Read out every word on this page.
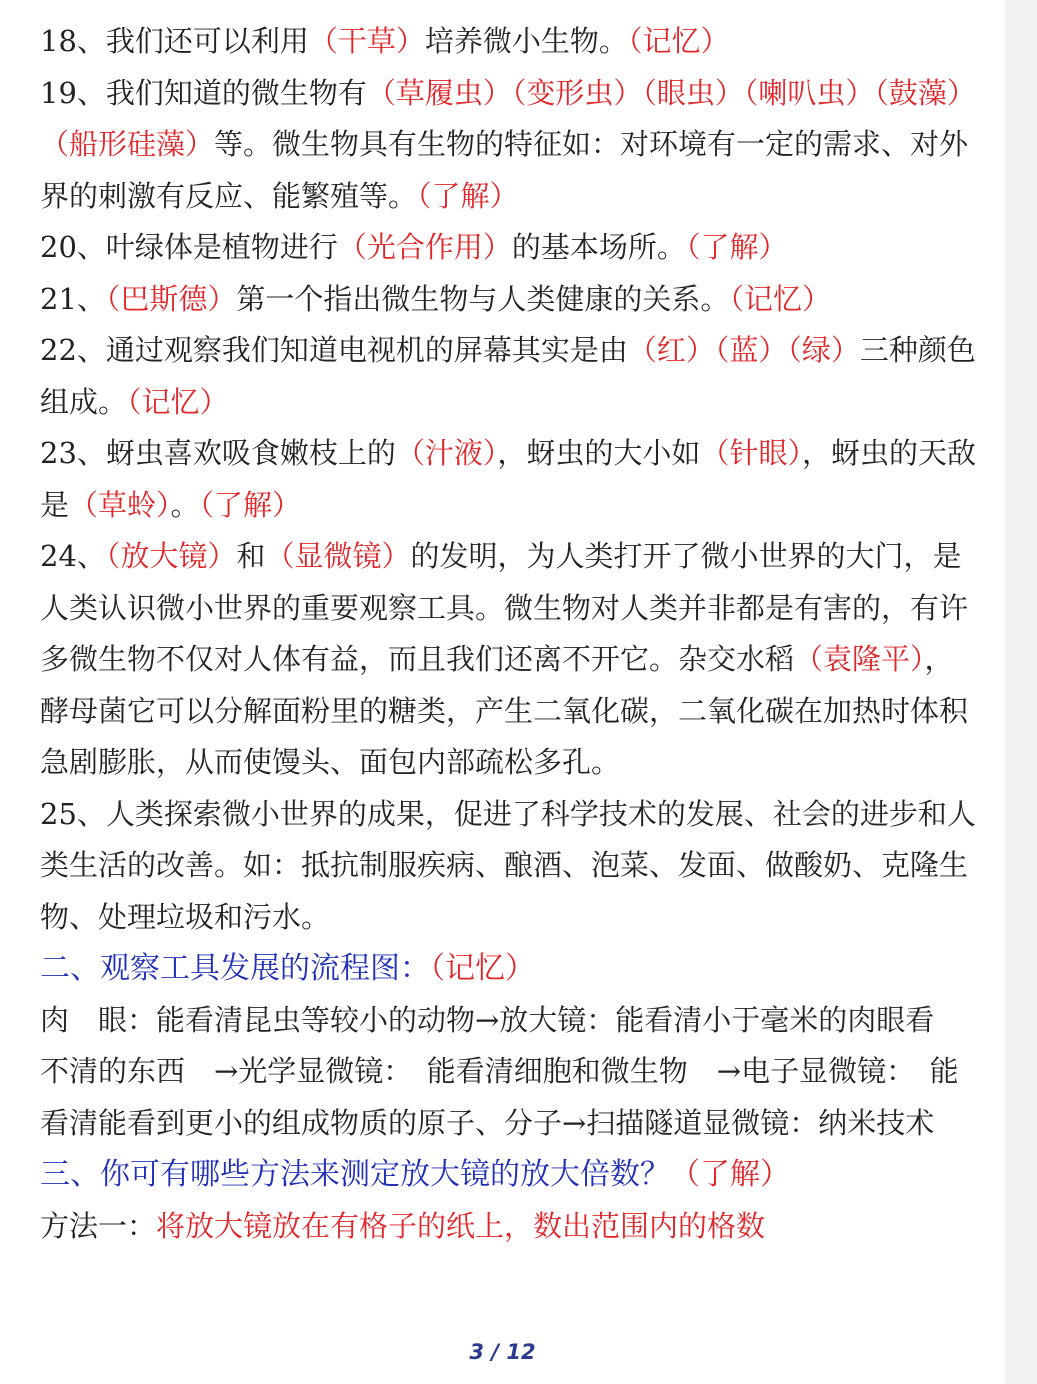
18、我们还可以利用（干草）培养微小生物。（记忆）
19、我们知道的微生物有（草履虫）（变形虫）（眼虫）（喇叭虫）（鼓藻）
（船形硅藻）等。微生物具有生物的特征如：对环境有一定的需求、对外
界的刺激有反应、能繁殖等。（了解）
20、叶绿体是植物进行（光合作用）的基本场所。（了解）
21、（巴斯德）第一个指出微生物与人类健康的关系。（记忆）
22、通过观察我们知道电视机的屏幕其实是由（红）（蓝）（绿）三种颜色
组成。（记忆）
23、蚜虫喜欢吸食嫩枝上的（汁液），蚜虫的大小如（针眼），蚜虫的天敌
是（草蛉）。（了解）
24、（放大镜）和（显微镜）的发明，为人类打开了微小世界的大门，是
人类认识微小世界的重要观察工具。微生物对人类并非都是有害的，有许
多微生物不仅对人体有益，而且我们还离不开它。杂交水稻（袁隆平），
酵母菌它可以分解面粉里的糖类，产生二氧化碳，二氧化碳在加热时体积
急剧膨胀，从而使馒头、面包内部疏松多孔。
25、人类探索微小世界的成果，促进了科学技术的发展、社会的进步和人
类生活的改善。如：抵抗制服疾病、酿酒、泡菜、发面、做酸奶、克隆生
物、处理垃圾和污水。
二、观察工具发展的流程图：（记忆）
肉　眼：能看清昆虫等较小的动物→放大镜：能看清小于毫米的肉眼看
不清的东西　→光学显微镜：　能看清细胞和微生物　→电子显微镜：　能
看清能看到更小的组成物质的原子、分子→扫描隧道显微镜：纳米技术
三、你可有哪些方法来测定放大镜的放大倍数？（了解）
方法一：将放大镜放在有格子的纸上，数出范围内的格数
3 / 12
